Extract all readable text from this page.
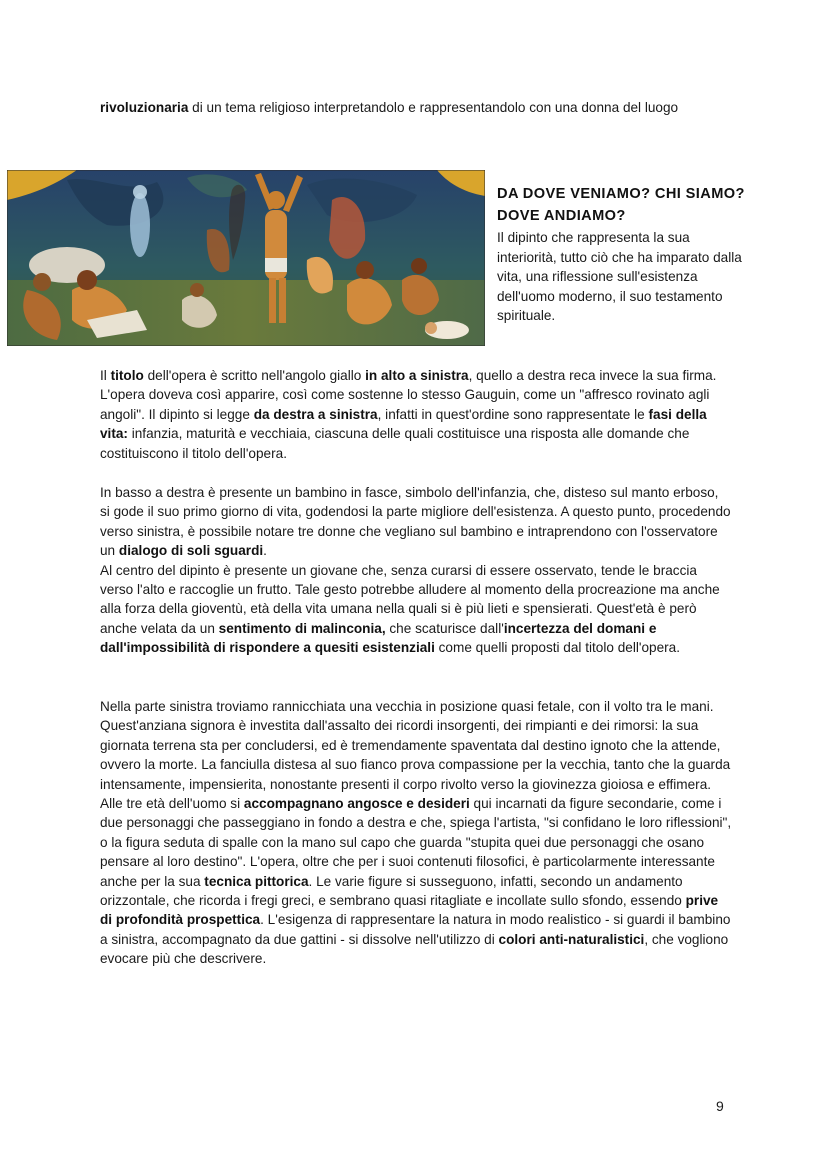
rivoluzionaria di un tema religioso interpretandolo e rappresentandolo con una donna del luogo

DA DOVE VENIAMO? CHI SIAMO? DOVE ANDIAMO?

Il dipinto che rappresenta la sua interiorità, tutto ciò che ha imparato dalla vita, una riflessione sull'esistenza dell'uomo moderno, il suo testamento spirituale.

Il titolo dell'opera è scritto nell'angolo giallo in alto a sinistra, quello a destra reca invece la sua firma. L'opera doveva così apparire, così come sostenne lo stesso Gauguin, come un "affresco rovinato agli angoli". Il dipinto si legge da destra a sinistra, infatti in quest'ordine sono rappresentate le fasi della vita: infanzia, maturità e vecchiaia, ciascuna delle quali costituisce una risposta alle domande che costituiscono il titolo dell'opera.

In basso a destra è presente un bambino in fasce, simbolo dell'infanzia, che, disteso sul manto erboso, si gode il suo primo giorno di vita, godendosi la parte migliore dell'esistenza. A questo punto, procedendo verso sinistra, è possibile notare tre donne che vegliano sul bambino e intraprendono con l'osservatore un dialogo di soli sguardi.

Al centro del dipinto è presente un giovane che, senza curarsi di essere osservato, tende le braccia verso l'alto e raccoglie un frutto. Tale gesto potrebbe alludere al momento della procreazione ma anche alla forza della gioventù, età della vita umana nella quali si è più lieti e spensierati. Quest'età è però anche velata da un sentimento di malinconia, che scaturisce dall'incertezza del domani e dall'impossibilità di rispondere a quesiti esistenziali come quelli proposti dal titolo dell'opera.

Nella parte sinistra troviamo rannicchiata una vecchia in posizione quasi fetale, con il volto tra le mani. Quest'anziana signora è investita dall'assalto dei ricordi insorgenti, dei rimpianti e dei rimorsi: la sua giornata terrena sta per concludersi, ed è tremendamente spaventata dal destino ignoto che la attende, ovvero la morte. La fanciulla distesa al suo fianco prova compassione per la vecchia, tanto che la guarda intensamente, impensierita, nonostante presenti il corpo rivolto verso la giovinezza gioiosa e effimera. Alle tre età dell'uomo si accompagnano angosce e desideri qui incarnati da figure secondarie, come i due personaggi che passeggiano in fondo a destra e che, spiega l'artista, "si confidano le loro riflessioni", o la figura seduta di spalle con la mano sul capo che guarda "stupita quei due personaggi che osano pensare al loro destino". L'opera, oltre che per i suoi contenuti filosofici, è particolarmente interessante anche per la sua tecnica pittorica. Le varie figure si susseguono, infatti, secondo un andamento orizzontale, che ricorda i fregi greci, e sembrano quasi ritagliate e incollate sullo sfondo, essendo prive di profondità prospettica. L'esigenza di rappresentare la natura in modo realistico - si guardi il bambino a sinistra, accompagnato da due gattini - si dissolve nell'utilizzo di colori anti-naturalistici, che vogliono evocare più che descrivere.

9
